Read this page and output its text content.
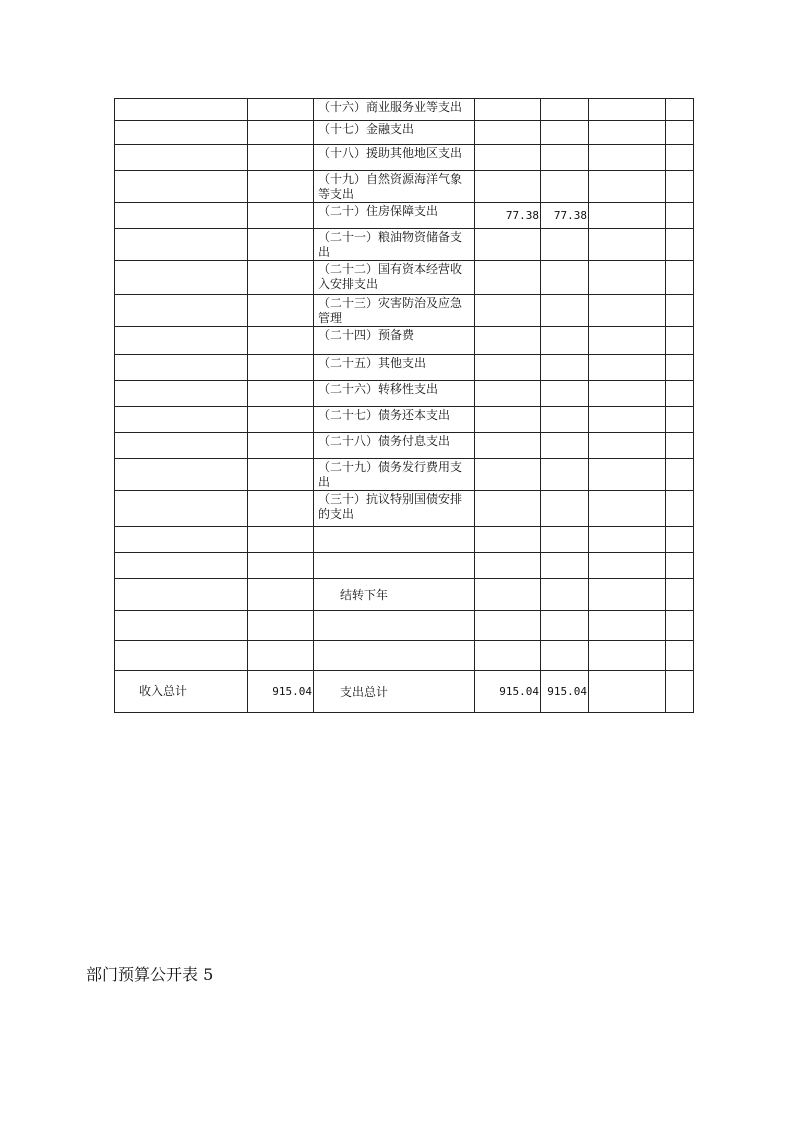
		（十六）商业服务业等支出				
		（十七）金融支出				
		（十八）援助其他地区支出				
		（十九）自然资源海洋气象等支出				
		（二十）住房保障支出	77.38	77.38		
		（二十一）粮油物资储备支出				
		（二十二）国有资本经营收入安排支出				
		（二十三）灾害防治及应急管理				
		（二十四）预备费				
		（二十五）其他支出				
		（二十六）转移性支出				
		（二十七）债务还本支出				
		（二十八）债务付息支出				
		（二十九）债务发行费用支出				
		（三十）抗议特别国债安排的支出				

		结转下年				

收入总计	915.04	支出总计	915.04	915.04		
部门预算公开表 5
